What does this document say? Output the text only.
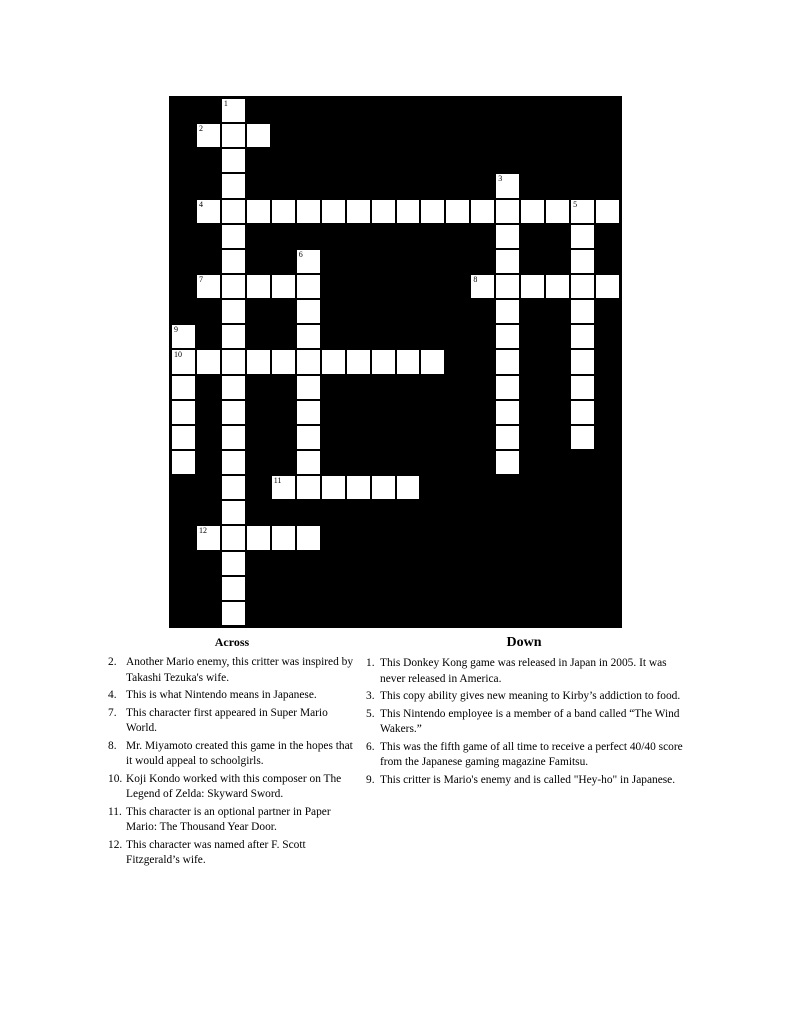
1
2
3
4	5
6
7	8
9
10
11
12
Across	Down
2. Another Mario enemy, this critter was inspired by Takashi Tezuka's wife.
4. This is what Nintendo means in Japanese.
7. This character first appeared in Super Mario World.
8. Mr. Miyamoto created this game in the hopes that it would appeal to schoolgirls.
10. Koji Kondo worked with this composer on The Legend of Zelda: Skyward Sword.
11. This character is an optional partner in Paper Mario: The Thousand Year Door.
12. This character was named after F. Scott Fitzgerald’s wife.
1. This Donkey Kong game was released in Japan in 2005. It was never released in America.
3. This copy ability gives new meaning to Kirby’s addiction to food.
5. This Nintendo employee is a member of a band called “The Wind Wakers.”
6. This was the fifth game of all time to receive a perfect 40/40 score from the Japanese gaming magazine Famitsu.
9. This critter is Mario's enemy and is called "Hey-ho" in Japanese.
